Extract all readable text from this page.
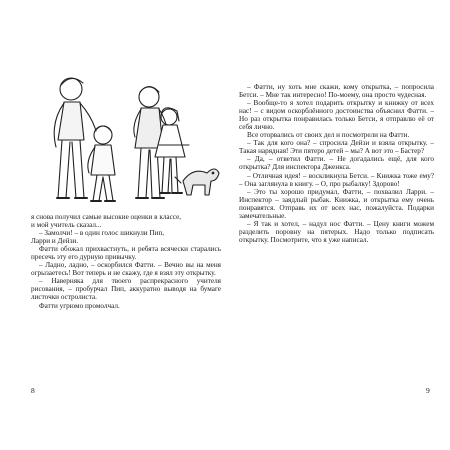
я снова получил самые высокие оценки в классе,

и мой учитель сказал...

– Замолчи! – в один голос шикнули Пип,

Ларри и Дейзи.

Фатти обожал прихвастнуть, и ребята всячески старались пресечь эту его дурную привычку.

– Ладно, ладно, – оскорбился Фатти. – Вечно вы на меня огрызаетесь! Вот теперь и не скажу, где я взял эту открытку.

– Наверняка для твоего распрекрасного учителя рисования, – пробурчал Пип, аккуратно выводя на бумаге листочки остролиста.

Фатти угрюмо промолчал.

– Фатти, ну хоть мне скажи, кому открытка, – попросила Бетси. – Мне так интересно! По-моему, она просто чудесная.

– Вообще-то я хотел подарить открытку и книжку от всех нас! – с видом оскорблённого достоинства объяснил Фатти. – Но раз открытка понравилась только Бетси, я отправлю её от себя лично.

Все оторвались от своих дел и посмотрели на Фатти.

– Так для кого она? – спросила Дейзи и взяла открытку. – Такая нарядная! Эти пятеро детей – мы? А вот это – Бастер?

– Да, – ответил Фатти. – Не догадались ещё, для кого открытка? Для инспектора Дженкса.

– Отличная идея! – воскликнула Бетси. – Книжка тоже ему? – Она заглянула в книгу. – О, про рыбалку! Здорово!

– Это ты хорошо придумал, Фатти, – похвалил Ларри. – Инспектор – заядлый рыбак. Книжка, и открытка ему очень понравятся. Отправь их от всех нас, пожалуйста. Подарки замечательные.

– Я так и хотел, – надул нос Фатти. – Цену книги можем разделить поровну на пятерых. Надо только подписать открытку. Посмотрите, что я уже написал.

8	9
